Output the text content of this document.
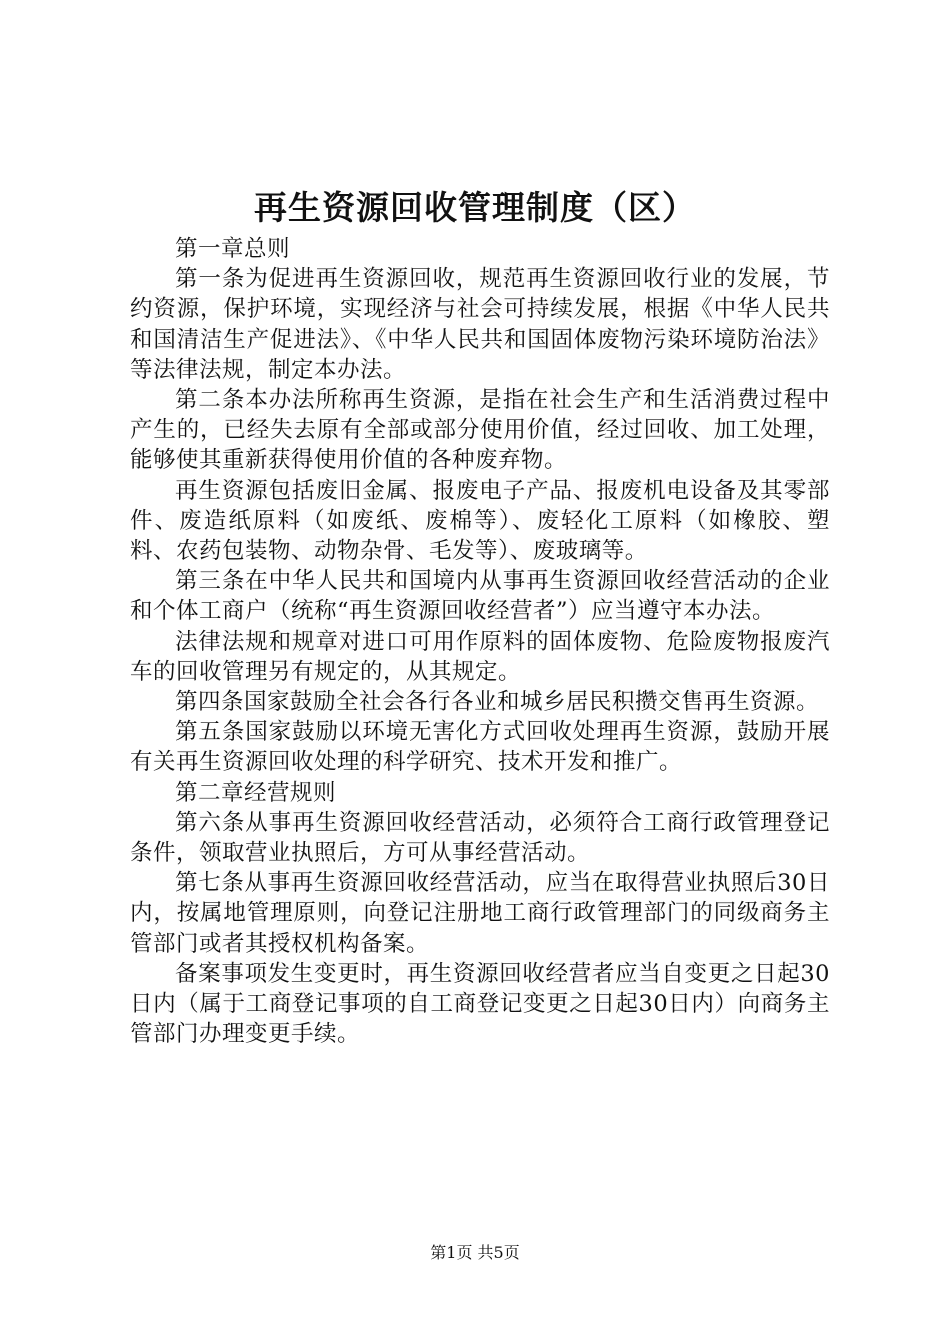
再生资源回收管理制度（区）

第一章总则

第一条为促进再生资源回收，规范再生资源回收行业的发展，节约资源，保护环境，实现经济与社会可持续发展，根据《中华人民共和国清洁生产促进法》、《中华人民共和国固体废物污染环境防治法》等法律法规，制定本办法。

第二条本办法所称再生资源，是指在社会生产和生活消费过程中产生的，已经失去原有全部或部分使用价值，经过回收、加工处理，能够使其重新获得使用价值的各种废弃物。

再生资源包括废旧金属、报废电子产品、报废机电设备及其零部件、废造纸原料（如废纸、废棉等）、废轻化工原料（如橡胶、塑料、农药包装物、动物杂骨、毛发等）、废玻璃等。

第三条在中华人民共和国境内从事再生资源回收经营活动的企业和个体工商户（统称“再生资源回收经营者”）应当遵守本办法。

法律法规和规章对进口可用作原料的固体废物、危险废物报废汽车的回收管理另有规定的，从其规定。

第四条国家鼓励全社会各行各业和城乡居民积攒交售再生资源。

第五条国家鼓励以环境无害化方式回收处理再生资源，鼓励开展有关再生资源回收处理的科学研究、技术开发和推广。

第二章经营规则

第六条从事再生资源回收经营活动，必须符合工商行政管理登记条件，领取营业执照后，方可从事经营活动。

第七条从事再生资源回收经营活动，应当在取得营业执照后30日内，按属地管理原则，向登记注册地工商行政管理部门的同级商务主管部门或者其授权机构备案。

备案事项发生变更时，再生资源回收经营者应当自变更之日起30日内（属于工商登记事项的自工商登记变更之日起30日内）向商务主管部门办理变更手续。

第1页 共5页
